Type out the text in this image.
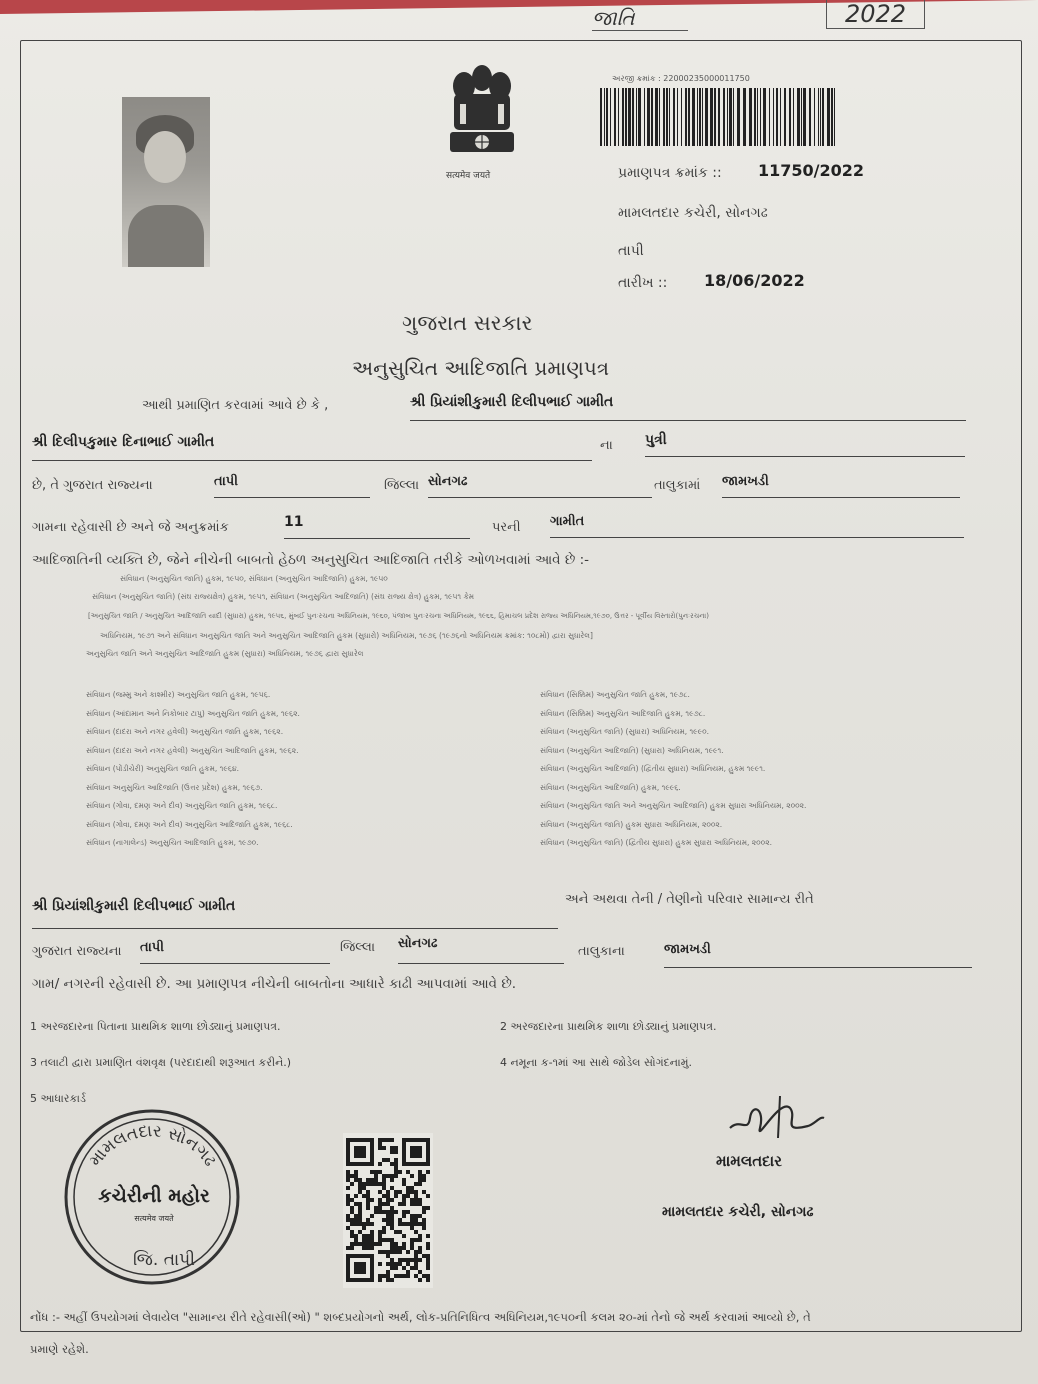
જાતિ	2022
सत्यमेव जयते
અરજી ક્રમાંક : 22000235000011750
પ્રમાણપત્ર ક્રમાંક :: 11750/2022
મામલતદાર કચેરી, સોનગઢ
તાપી
તારીખ :: 18/06/2022
ગુજરાત સરકાર
અનુસુચિત આદિજાતિ પ્રમાણપત્ર
આથી પ્રમાણિત કરવામાં આવે છે કે ,	શ્રી પ્રિયાંશીકુમારી દિલીપભાઈ ગામીત
શ્રી દિલીપકુમાર દિનાભાઈ ગામીત	ના પુત્રી
છે, તે ગુજરાત રાજ્યના	તાપી	જિલ્લા સોનગઢ	તાલુકામાં જામખડી
ગામના રહેવાસી છે અને જે અનુક્રમાંક	11	પરની ગામીત
આદિજાતિની વ્યક્તિ છે, જેને નીચેની બાબતો હેઠળ અનુસુચિત આદિજાતિ તરીકે ઓળખવામાં આવે છે :-
સંવિધાન (અનુસુચિત જાતિ) હુકમ, ૧૯૫૦, સંવિધાન (અનુસુચિત આદિજાતિ) હુકમ, ૧૯૫૦
સંવિધાન (અનુસુચિત જાતિ) (સંઘ રાજ્યક્ષેત્ર) હુકમ, ૧૯૫૧, સંવિધાન (અનુસુચિત આદિજાતિ) (સંઘ રાજ્ય ક્ષેત્ર) હુકમ, ૧૯૫૧ કેમ
[અનુસુચિત જાતિ / અનુસુચિત આદિજાતિ યાદી (સુધારા) હુકમ, ૧૯૫૬, મુંબઈ પુનઃરચના અધિનિયમ, ૧૯૬૦, પંજાબ પુનઃરચના અધિનિયમ, ૧૯૬૬, હિમાચલ પ્રદેશ રાજ્ય અધિનિયમ,૧૯૭૦, ઉત્તર - પૂર્વીય વિસ્તારો(પુનઃરચના)
અધિનિયમ, ૧૯૭૧ અને સંવિધાન અનુસુચિત જાતિ અને અનુસુચિત આદિજાતિ હુકમ (સુધારો) અધિનિયમ, ૧૯૭૬ (૧૯૭૬નો અધિનિયમ ક્રમાંક: ૧૦૮મો) દ્વારા સુધારેલ]
અનુસુચિત જાતિ અને અનુસુચિત આદિજાતિ હુકમ (સુધારા) અધિનિયમ, ૧૯૭૬ દ્વારા સુધારેલ
સંવિધાન (જમ્મુ અને કાશ્મીર) અનુસુચિત જાતિ હુકમ, ૧૯૫૬.
સંવિધાન (આંદામાન અને નિકોબાર ટાપુ) અનુસુચિત જાતિ હુકમ, ૧૯૬૨.
સંવિધાન (દાદરા અને નગર હવેલી) અનુસુચિત જાતિ હુકમ, ૧૯૬૨.
સંવિધાન (દાદરા અને નગર હવેલી) અનુસુચિત આદિજાતિ હુકમ, ૧૯૬૨.
સંવિધાન (પોંડીચેરી) અનુસુચિત જાતિ હુકમ, ૧૯૬૪.
સંવિધાન અનુસુચિત આદિજાતિ (ઉત્તર પ્રદેશ) હુકમ, ૧૯૬૭.
સંવિધાન (ગોવા, દમણ અને દીવ) અનુસુચિત જાતિ હુકમ, ૧૯૬૮.
સંવિધાન (ગોવા, દમણ અને દીવ) અનુસુચિત આદિજાતિ હુકમ, ૧૯૬૮.
સંવિધાન (નાગાલેન્ડ) અનુસુચિત આદિજાતિ હુકમ, ૧૯૭૦.
સંવિધાન (સિક્કિમ) અનુસુચિત જાતિ હુકમ, ૧૯૭૮.
સંવિધાન (સિક્કિમ) અનુસુચિત આદિજાતિ હુકમ, ૧૯૭૮.
સંવિધાન (અનુસુચિત જાતિ) (સુધારા) અધિનિયમ, ૧૯૯૦.
સંવિધાન (અનુસુચિત આદિજાતિ) (સુધારા) અધિનિયમ, ૧૯૯૧.
સંવિધાન (અનુસુચિત આદિજાતિ) (દ્વિતીય સુધારા) અધિનિયમ, હુકમ ૧૯૯૧.
સંવિધાન (અનુસુચિત આદિજાતિ) હુકમ, ૧૯૯૬.
સંવિધાન (અનુસુચિત જાતિ અને અનુસુચિત આદિજાતિ) હુકમ સુધારા અધિનિયમ, ૨૦૦૨.
સંવિધાન (અનુસુચિત જાતિ) હુકમ સુધારા અધિનિયમ, ૨૦૦૨.
સંવિધાન (અનુસુચિત જાતિ) (દ્વિતીય સુધારા) હુકમ સુધારા અધિનિયમ, ૨૦૦૨.
શ્રી પ્રિયાંશીકુમારી દિલીપભાઈ ગામીત	અને અથવા તેની / તેણીનો પરિવાર સામાન્ય રીતે
ગુજરાત રાજ્યના તાપી	જિલ્લા સોનગઢ
તાલુકાના	જામખડી
ગામ/ નગરની રહેવાસી છે. આ પ્રમાણપત્ર નીચેની બાબતોના આધારે કાઢી આપવામાં આવે છે.
1 અરજદારના પિતાના પ્રાથમિક શાળા છોડ્યાનું પ્રમાણપત્ર.	2 અરજદારના પ્રાથમિક શાળા છોડ્યાનું પ્રમાણપત્ર.
3 તલાટી દ્વારા પ્રમાણિત વંશવૃક્ષ (પરદાદાથી શરૂઆત કરીને.)	4 નમૂના ક-૧માં આ સાથે જોડેલ સોગંદનામું.
5 આધારકાર્ડ
મામલતદાર સોનગઢ
કચેરીની મહોર
सत्यमेव जयते
જિ. તાપી
મામલતદાર
મામલતદાર કચેરી, સોનગઢ
નોંધ :- અહીં ઉપયોગમાં લેવાયેલ "સામાન્ય રીતે રહેવાસી(ઓ) " શબ્દપ્રયોગનો અર્થ, લોક-પ્રતિનિધિત્વ અધિનિયમ,૧૯૫૦ની કલમ ૨૦-માં તેનો જે અર્થ કરવામાં આવ્યો છે, તે
પ્રમાણે રહેશે.
